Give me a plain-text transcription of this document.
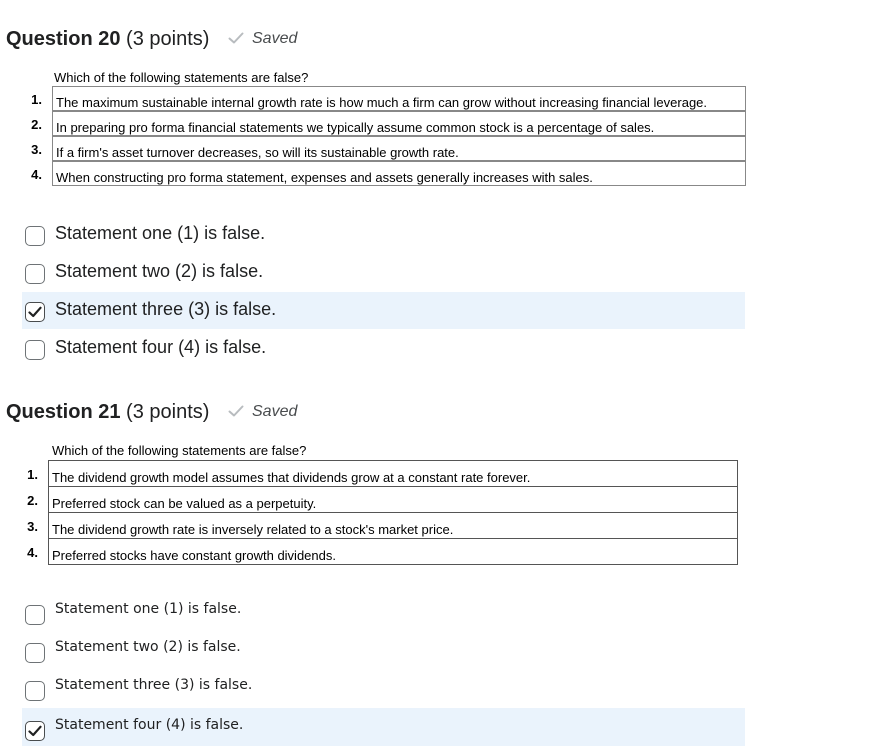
Question 20 (3 points)	Saved
Which of the following statements are false?
The maximum sustainable internal growth rate is how much a firm can grow without increasing financial leverage.
In preparing pro forma financial statements we typically assume common stock is a percentage of sales.
If a firm's asset turnover decreases, so will its sustainable growth rate.
When constructing pro forma statement, expenses and assets generally increases with sales.
1.
2.
3.
4.
Statement one (1) is false.
Statement two (2) is false.
Statement three (3) is false.
Statement four (4) is false.
Question 21 (3 points)	Saved
Which of the following statements are false?
The dividend growth model assumes that dividends grow at a constant rate forever.
Preferred stock can be valued as a perpetuity.
The dividend growth rate is inversely related to a stock's market price.
Preferred stocks have constant growth dividends.
1.
2.
3.
4.
Statement one (1) is false.
Statement two (2) is false.
Statement three (3) is false.
Statement four (4) is false.
